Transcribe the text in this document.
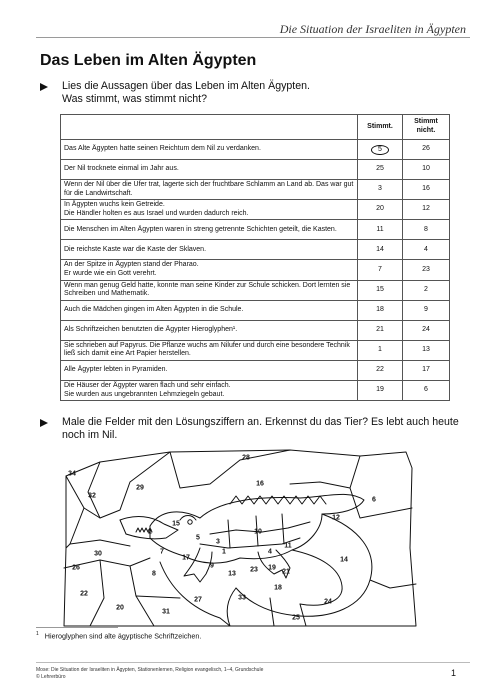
Die Situation der Israeliten in Ägypten
Das Leben im Alten Ägypten
Lies die Aussagen über das Leben im Alten Ägypten.
Was stimmt, was stimmt nicht?
	Stimmt.	Stimmt nicht.
Das Alte Ägypten hatte seinen Reichtum dem Nil zu verdanken.	5	26
Der Nil trocknete einmal im Jahr aus.	25	10
Wenn der Nil über die Ufer trat, lagerte sich der fruchtbare Schlamm an Land ab. Das war gut für die Landwirtschaft.	3	16
In Ägypten wuchs kein Getreide.
Die Händler holten es aus Israel und wurden dadurch reich.	20	12
Die Menschen im Alten Ägypten waren in streng getrennte Schichten geteilt, die Kasten.	11	8
Die reichste Kaste war die Kaste der Sklaven.	14	4
An der Spitze in Ägypten stand der Pharao.
Er wurde wie ein Gott verehrt.	7	23
Wenn man genug Geld hatte, konnte man seine Kinder zur Schule schicken. Dort lernten sie Schreiben und Mathematik.	15	2
Auch die Mädchen gingen im Alten Ägypten in die Schule.	18	9
Als Schriftzeichen benutzten die Ägypter Hieroglyphen¹.	21	24
Sie schrieben auf Papyrus. Die Pflanze wuchs am Nilufer und durch eine besondere Technik ließ sich damit eine Art Papier herstellen.	1	13
Alle Ägypter lebten in Pyramiden.	22	17
Die Häuser der Ägypter waren flach und sehr einfach.
Sie wurden aus ungebrannten Lehmziegeln gebaut.	19	6
Male die Felder mit den Lösungsziffern an. Erkennst du das Tier? Es lebt auch heute
noch im Nil.
28
34
29
32
16
6
12
15
2
5
3
10
4
11
30	7
17
9
1
13
19
14
8
26
22
27	33
23
18
21
20
31
25
24
$^1$ Hieroglyphen sind alte ägyptische Schriftzeichen.
Mose: Die Situation der Israeliten in Ägypten, Stationenlernen, Religion evangelisch, 1–4, Grundschule
© Lehrerbüro	1
